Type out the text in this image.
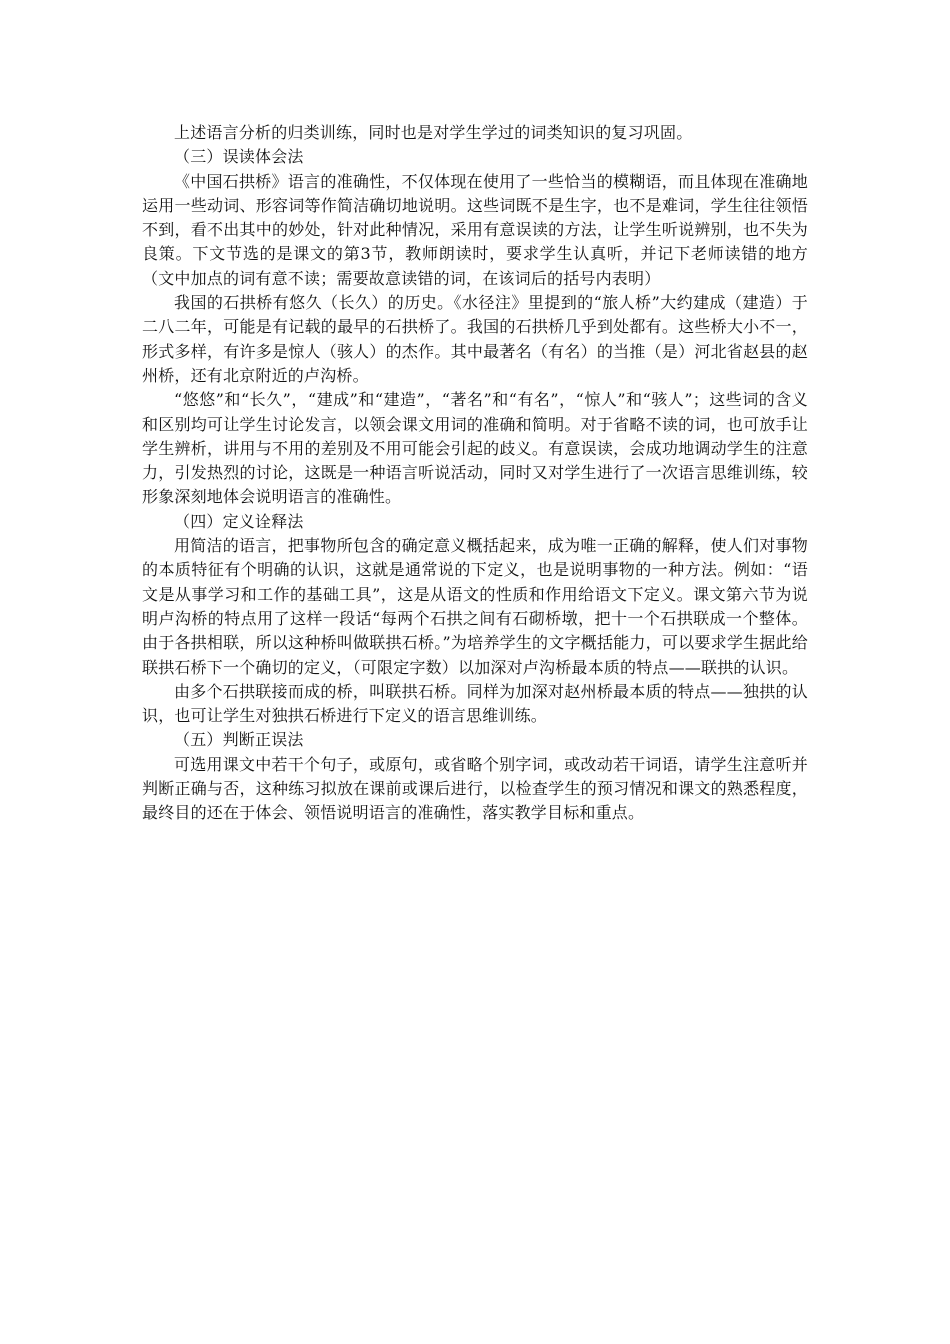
上述语言分析的归类训练，同时也是对学生学过的词类知识的复习巩固。

（三）误读体会法

《中国石拱桥》语言的准确性，不仅体现在使用了一些恰当的模糊语，而且体现在准确地运用一些动词、形容词等作简洁确切地说明。这些词既不是生字，也不是难词，学生往往领悟不到，看不出其中的妙处，针对此种情况，采用有意误读的方法，让学生听说辨别，也不失为良策。下文节选的是课文的第3节，教师朗读时，要求学生认真听，并记下老师读错的地方（文中加点的词有意不读；需要故意读错的词，在该词后的括号内表明）

我国的石拱桥有悠久（长久）的历史。《水径注》里提到的“旅人桥”大约建成（建造）于二八二年，可能是有记载的最早的石拱桥了。我国的石拱桥几乎到处都有。这些桥大小不一，形式多样，有许多是惊人（骇人）的杰作。其中最著名（有名）的当推（是）河北省赵县的赵州桥，还有北京附近的卢沟桥。

“悠悠”和“长久”，“建成”和“建造”，“著名”和“有名”，“惊人”和“骇人”；这些词的含义和区别均可让学生讨论发言，以领会课文用词的准确和简明。对于省略不读的词，也可放手让学生辨析，讲用与不用的差别及不用可能会引起的歧义。有意误读，会成功地调动学生的注意力，引发热烈的讨论，这既是一种语言听说活动，同时又对学生进行了一次语言思维训练，较形象深刻地体会说明语言的准确性。

（四）定义诠释法

用简洁的语言，把事物所包含的确定意义概括起来，成为唯一正确的解释，使人们对事物的本质特征有个明确的认识，这就是通常说的下定义，也是说明事物的一种方法。例如：“语文是从事学习和工作的基础工具”，这是从语文的性质和作用给语文下定义。课文第六节为说明卢沟桥的特点用了这样一段话“每两个石拱之间有石砌桥墩，把十一个石拱联成一个整体。由于各拱相联，所以这种桥叫做联拱石桥。”为培养学生的文字概括能力，可以要求学生据此给联拱石桥下一个确切的定义，（可限定字数）以加深对卢沟桥最本质的特点——联拱的认识。

由多个石拱联接而成的桥，叫联拱石桥。同样为加深对赵州桥最本质的特点——独拱的认识，也可让学生对独拱石桥进行下定义的语言思维训练。

（五）判断正误法

可选用课文中若干个句子，或原句，或省略个别字词，或改动若干词语，请学生注意听并判断正确与否，这种练习拟放在课前或课后进行，以检查学生的预习情况和课文的熟悉程度，最终目的还在于体会、领悟说明语言的准确性，落实教学目标和重点。
